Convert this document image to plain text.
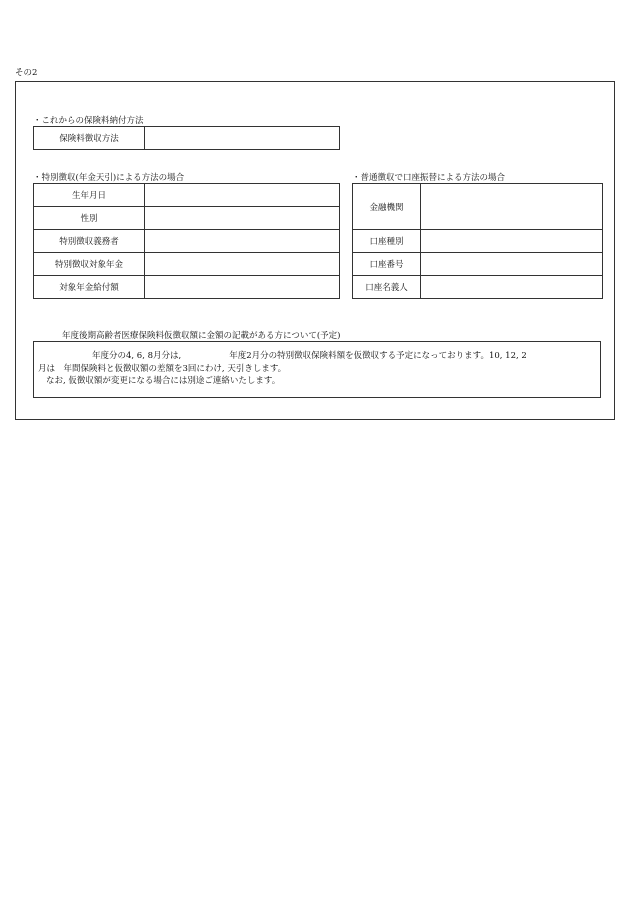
その2
・これからの保険料納付方法
保険料徴収方法	
・特別徴収(年金天引)による方法の場合
生年月日	
性別	
特別徴収義務者	
特別徴収対象年金	
対象年金給付額	
・普通徴収で口座振替による方法の場合
金融機関	
口座種別	
口座番号	
口座名義人	
年度後期高齢者医療保険料仮徴収額に金額の記載がある方について(予定)

年度分の4, 6, 8月分は,	年度2月分の特別徴収保険料額を仮徴収する予定になっております。10, 12, 2

月は　年間保険料と仮徴収額の差額を3回にわけ, 天引きします。

なお, 仮徴収額が変更になる場合には別途ご連絡いたします。
